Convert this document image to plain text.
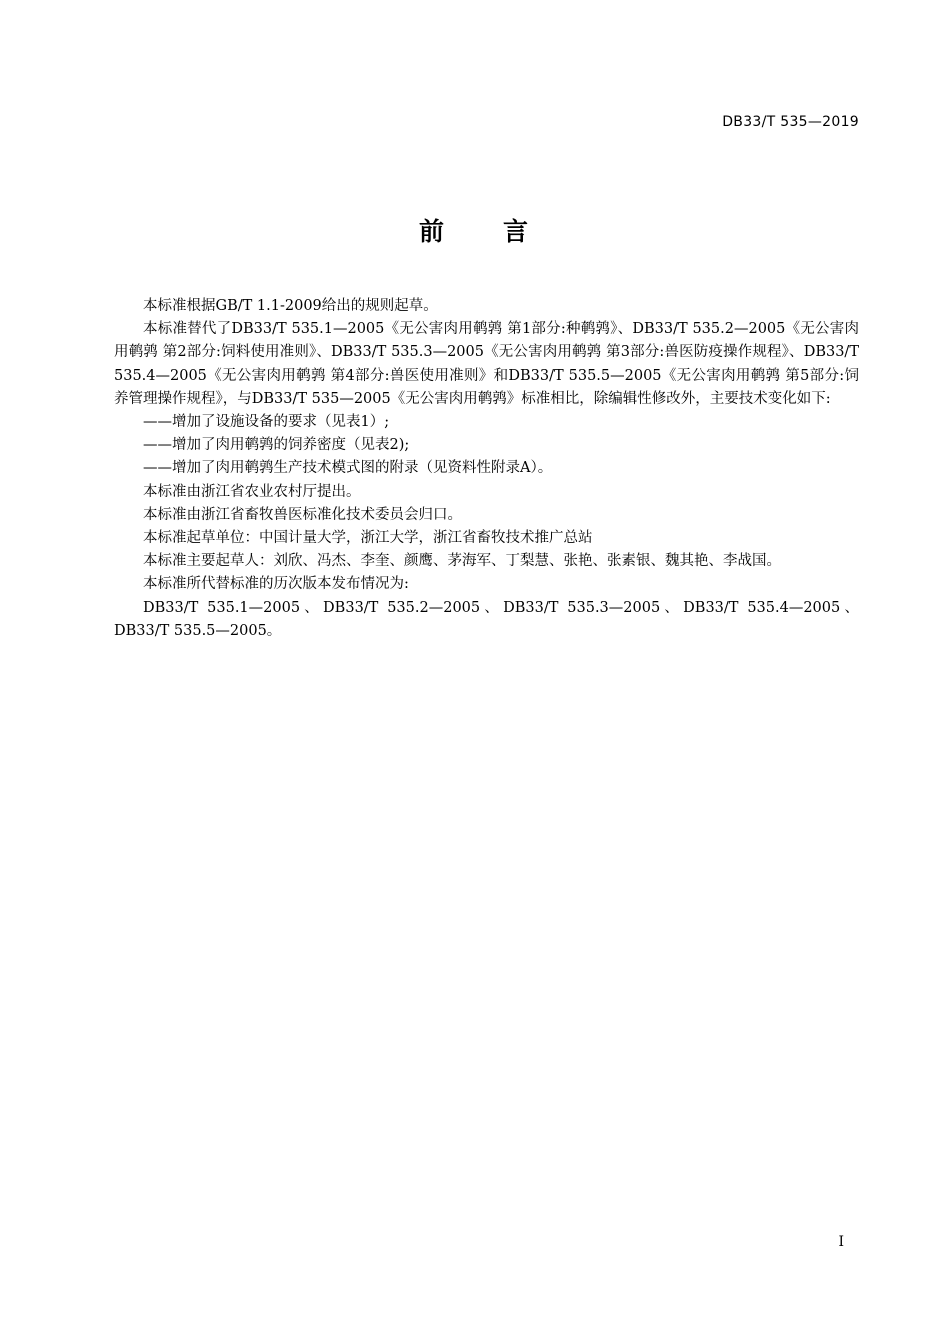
DB33/T 535—2019
前　　言

本标准根据GB/T 1.1-2009给出的规则起草。

本标准替代了DB33/T 535.1—2005《无公害肉用鹌鹑 第1部分:种鹌鹑》、DB33/T 535.2—2005《无公害肉用鹌鹑 第2部分:饲料使用准则》、DB33/T 535.3—2005《无公害肉用鹌鹑 第3部分:兽医防疫操作规程》、DB33/T 535.4—2005《无公害肉用鹌鹑 第4部分:兽医使用准则》和DB33/T 535.5—2005《无公害肉用鹌鹑 第5部分:饲养管理操作规程》，与DB33/T 535—2005《无公害肉用鹌鹑》标准相比，除编辑性修改外，主要技术变化如下:

——增加了设施设备的要求（见表1）;

——增加了肉用鹌鹑的饲养密度（见表2);

——增加了肉用鹌鹑生产技术模式图的附录（见资料性附录A）。

本标准由浙江省农业农村厅提出。

本标准由浙江省畜牧兽医标准化技术委员会归口。

本标准起草单位：中国计量大学，浙江大学，浙江省畜牧技术推广总站

本标准主要起草人：刘欣、冯杰、李奎、颜鹰、茅海军、丁梨慧、张艳、张素银、魏其艳、李战国。

本标准所代替标准的历次版本发布情况为:

DB33/T 535.1—2005、DB33/T 535.2—2005、DB33/T 535.3—2005、DB33/T 535.4—2005、DB33/T 535.5—2005。

I
